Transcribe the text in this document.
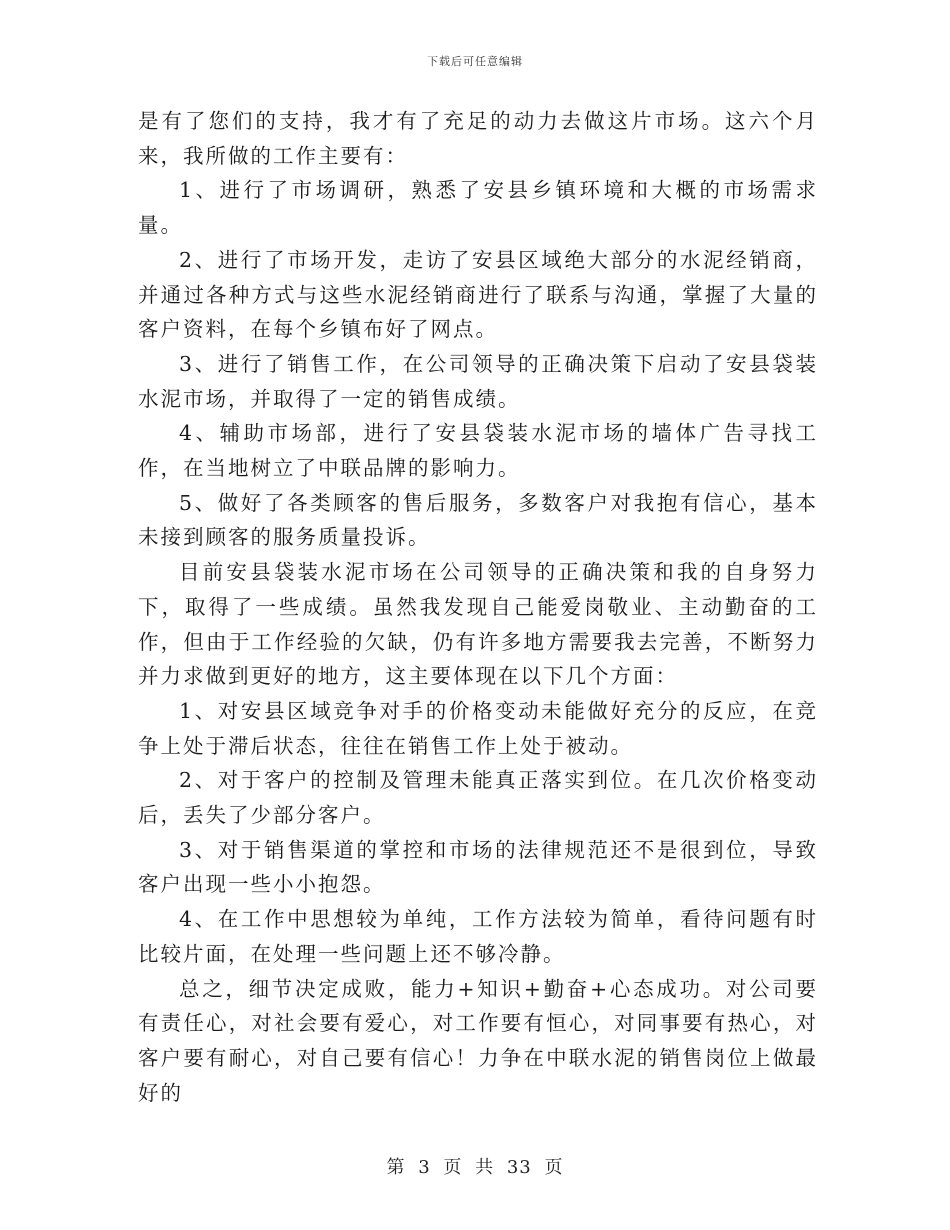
下载后可任意编辑

是有了您们的支持，我才有了充足的动力去做这片市场。这六个月来，我所做的工作主要有：

1、进行了市场调研，熟悉了安县乡镇环境和大概的市场需求量。

2、进行了市场开发，走访了安县区域绝大部分的水泥经销商，并通过各种方式与这些水泥经销商进行了联系与沟通，掌握了大量的客户资料，在每个乡镇布好了网点。

3、进行了销售工作，在公司领导的正确决策下启动了安县袋装水泥市场，并取得了一定的销售成绩。

4、辅助市场部，进行了安县袋装水泥市场的墙体广告寻找工作，在当地树立了中联品牌的影响力。

5、做好了各类顾客的售后服务，多数客户对我抱有信心，基本未接到顾客的服务质量投诉。

目前安县袋装水泥市场在公司领导的正确决策和我的自身努力下，取得了一些成绩。虽然我发现自己能爱岗敬业、主动勤奋的工作，但由于工作经验的欠缺，仍有许多地方需要我去完善，不断努力并力求做到更好的地方，这主要体现在以下几个方面：

1、对安县区域竞争对手的价格变动未能做好充分的反应，在竞争上处于滞后状态，往往在销售工作上处于被动。

2、对于客户的控制及管理未能真正落实到位。在几次价格变动后，丢失了少部分客户。

3、对于销售渠道的掌控和市场的法律规范还不是很到位，导致客户出现一些小小抱怨。

4、在工作中思想较为单纯，工作方法较为简单，看待问题有时比较片面，在处理一些问题上还不够冷静。

总之，细节决定成败，能力+知识+勤奋+心态成功。对公司要有责任心，对社会要有爱心，对工作要有恒心，对同事要有热心，对客户要有耐心，对自己要有信心！力争在中联水泥的销售岗位上做最好的

第 3 页 共 33 页
